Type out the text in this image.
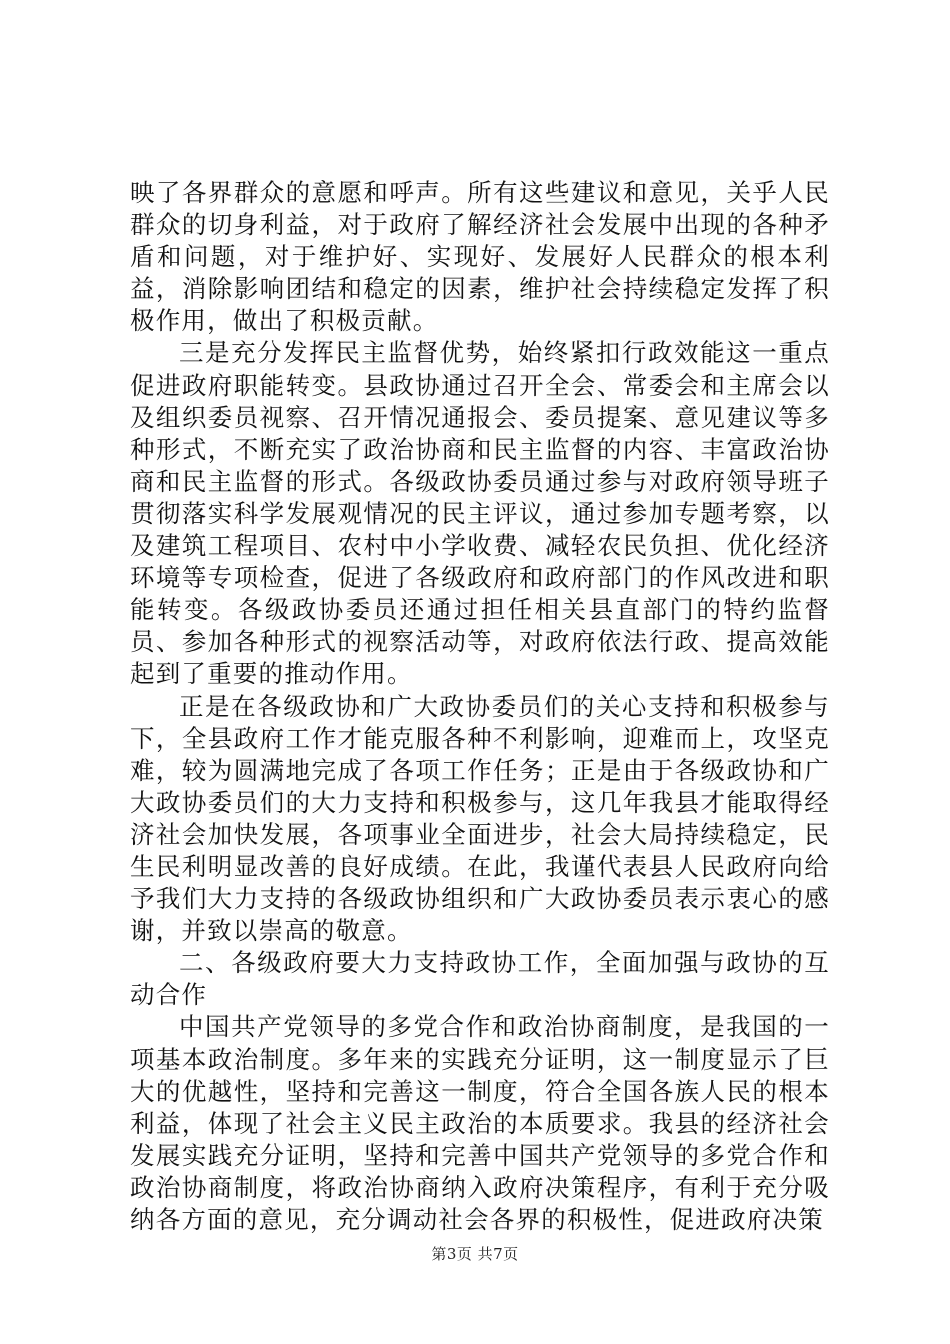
映了各界群众的意愿和呼声。所有这些建议和意见，关乎人民群众的切身利益，对于政府了解经济社会发展中出现的各种矛盾和问题，对于维护好、实现好、发展好人民群众的根本利益，消除影响团结和稳定的因素，维护社会持续稳定发挥了积极作用，做出了积极贡献。

三是充分发挥民主监督优势，始终紧扣行政效能这一重点促进政府职能转变。县政协通过召开全会、常委会和主席会以及组织委员视察、召开情况通报会、委员提案、意见建议等多种形式，不断充实了政治协商和民主监督的内容、丰富政治协商和民主监督的形式。各级政协委员通过参与对政府领导班子贯彻落实科学发展观情况的民主评议，通过参加专题考察，以及建筑工程项目、农村中小学收费、减轻农民负担、优化经济环境等专项检查，促进了各级政府和政府部门的作风改进和职能转变。各级政协委员还通过担任相关县直部门的特约监督员、参加各种形式的视察活动等，对政府依法行政、提高效能起到了重要的推动作用。

正是在各级政协和广大政协委员们的关心支持和积极参与下，全县政府工作才能克服各种不利影响，迎难而上，攻坚克难，较为圆满地完成了各项工作任务；正是由于各级政协和广大政协委员们的大力支持和积极参与，这几年我县才能取得经济社会加快发展，各项事业全面进步，社会大局持续稳定，民生民利明显改善的良好成绩。在此，我谨代表县人民政府向给予我们大力支持的各级政协组织和广大政协委员表示衷心的感谢，并致以崇高的敬意。

二、各级政府要大力支持政协工作，全面加强与政协的互动合作

中国共产党领导的多党合作和政治协商制度，是我国的一项基本政治制度。多年来的实践充分证明，这一制度显示了巨大的优越性，坚持和完善这一制度，符合全国各族人民的根本利益，体现了社会主义民主政治的本质要求。我县的经济社会发展实践充分证明，坚持和完善中国共产党领导的多党合作和政治协商制度，将政治协商纳入政府决策程序，有利于充分吸纳各方面的意见，充分调动社会各界的积极性，促进政府决策

第3页 共7页
